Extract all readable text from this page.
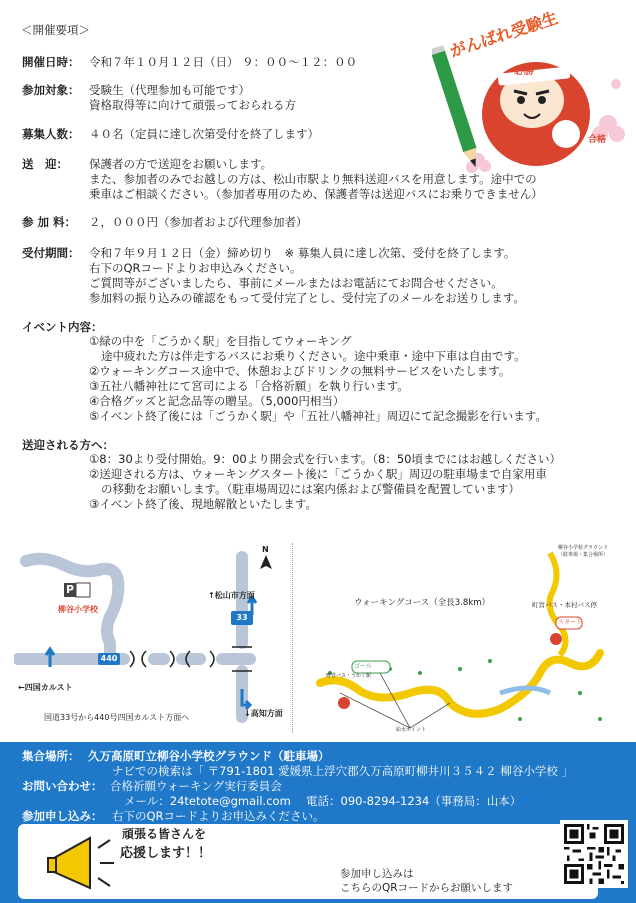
＜開催要項＞	がんばれ受験生
必勝
合格
開催日時： 令和７年１０月１２日（日） ９：００～１２：００
参加対象： 受験生（代理参加も可能です）
資格取得等に向けて頑張っておられる方
募集人数： ４０名（定員に達し次第受付を終了します）
送　迎： 保護者の方で送迎をお願いします。
また、参加者のみでお越しの方は、松山市駅より無料送迎バスを用意します。途中での
乗車はご相談ください。（参加者専用のため、保護者等は送迎バスにお乗りできません）
参 加 料： ２，０００円（参加者および代理参加者）
受付期間： 令和７年９月１２日（金）締め切り　※ 募集人員に達し次第、受付を終了します。
右下のQRコードよりお申込みください。
ご質問等がございましたら、事前にメールまたはお電話にてお問合せください。
参加料の振り込みの確認をもって受付完了とし、受付完了のメールをお送りします。
イベント内容：
①緑の中を「ごうかく駅」を目指してウォーキング
途中疲れた方は伴走するバスにお乗りください。途中乗車・途中下車は自由です。
②ウォーキングコース途中で、休憩およびドリンクの無料サービスをいたします。
③五社八幡神社にて宮司による「合格祈願」を執り行います。
④合格グッズと記念品等の贈呈。（5,000円相当）
⑤イベント終了後には「ごうかく駅」や「五社八幡神社」周辺にて記念撮影を行います。
送迎される方へ：
①8：30より受付開始。9：00より開会式を行います。（8：50頃までにはお越しください）
②送迎される方は、ウォーキングスタート後に「ごうかく駅」周辺の駐車場まで自家用車
の移動をお願いします。（駐車場周辺には案内係および警備員を配置しています）
③イベント終了後、現地解散といたします。
P
柳谷小学校
↑松山市方面
33
440
←四国カルスト
↓高知方面
国道33号から440号四国カルスト方面へ
N
ウォーキングコース（全長3.8km）
スタート
ゴール
町営バス・本村バス停
柳谷小学校グラウンド
（駐車場・集合場所）
町営バス・うかく駅
給水ポイント
集合場所： 久万高原町立柳谷小学校グラウンド（駐車場）
ナビでの検索は「 〒791-1801 愛媛県上浮穴郡久万高原町柳井川３５４２ 柳谷小学校 」
お問い合わせ： 合格祈願ウォーキング実行委員会
メール：24tetote@gmail.com 電話：090-8294-1234（事務局：山本）
参加申し込み： 右下のQRコードよりお申込みください。
頑張る皆さんを
応援します！！
参加申し込みは
こちらのQRコードからお願いします
